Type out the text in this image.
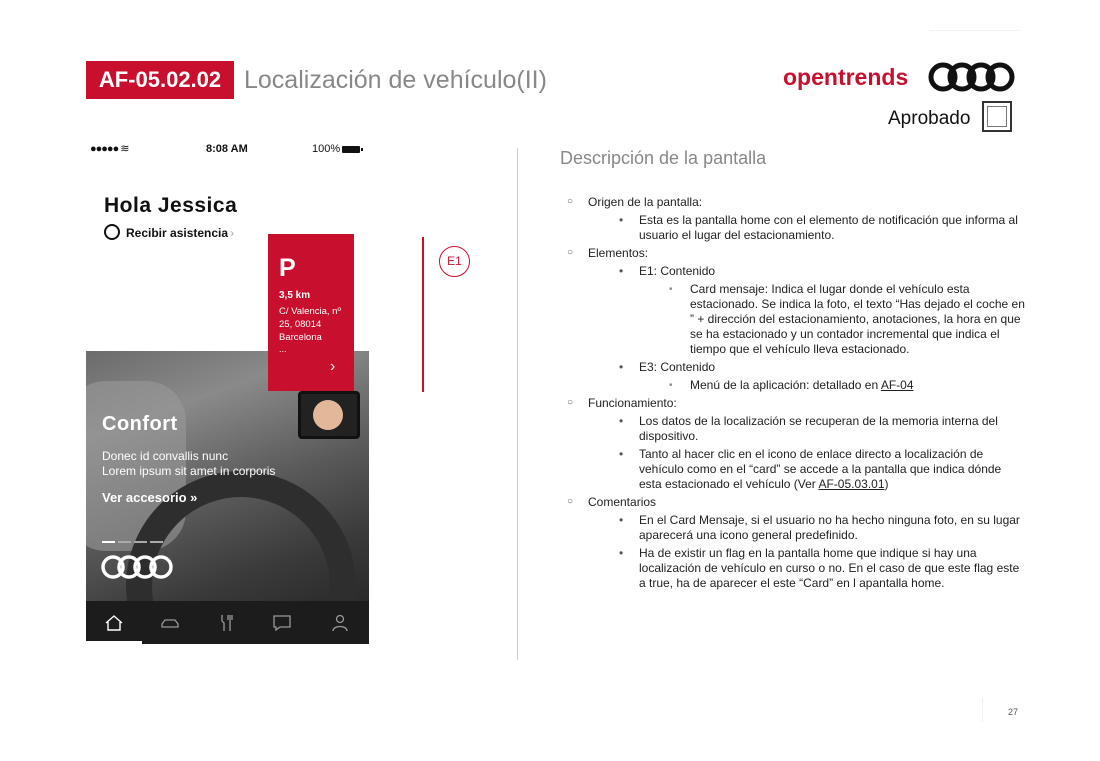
AF-05.02.02 Localización de vehículo(II)	opentrends
Aprobado
●●●●● ≋	8:08 AM	100%
Hola Jessica
Recibir asistencia ›
Confort
Donec id convallis nunc
Lorem ipsum sit amet in corporis
Ver accesorio »
P
3,5 km
C/ Valencia, nº 25, 08014 Barcelona
...
›
E1
Descripción de la pantalla
○ Origen de la pantalla:
• Esta es la pantalla home con el elemento de notificación que informa al usuario el lugar del estacionamiento.
○ Elementos:
• E1: Contenido
• Card mensaje: Indica el lugar donde el vehículo esta estacionado. Se indica la foto, el texto “Has dejado el coche en ” + dirección del estacionamiento, anotaciones, la hora en que se ha estacionado y un contador incremental que indica el tiempo que el vehículo lleva estacionado.
• E3: Contenido
• Menú de la aplicación: detallado en AF-04
○ Funcionamiento:
• Los datos de la localización se recuperan de la memoria interna del dispositivo.
• Tanto al hacer clic en el icono de enlace directo a localización de vehículo como en el “card” se accede a la pantalla que indica dónde esta estacionado el vehículo (Ver AF-05.03.01)
○ Comentarios
• En el Card Mensaje, si el usuario no ha hecho ninguna foto, en su lugar aparecerá una icono general predefinido.
• Ha de existir un flag en la pantalla home que indique si hay una localización de vehículo en curso o no. En el caso de que este flag este a true, ha de aparecer el este “Card” en l apantalla home.
27
